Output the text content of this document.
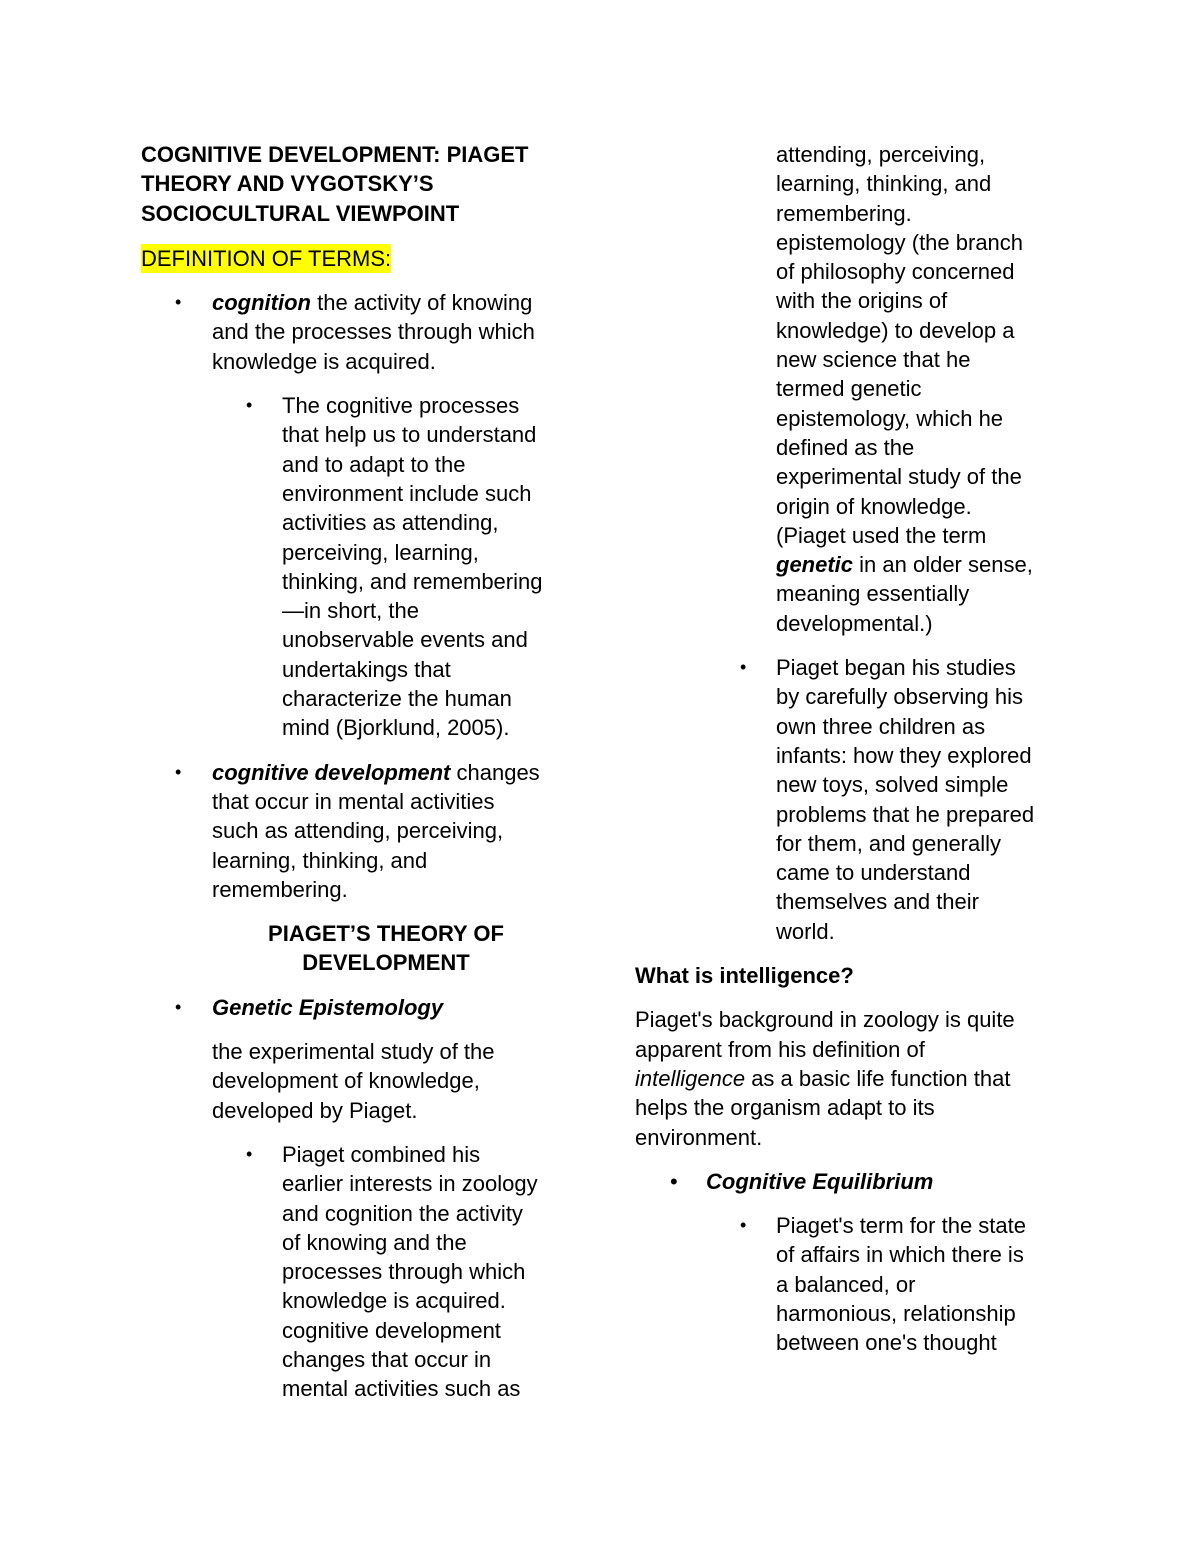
COGNITIVE DEVELOPMENT: PIAGET
THEORY AND VYGOTSKY’S
SOCIOCULTURAL VIEWPOINT
DEFINITION OF TERMS:
• cognition the activity of knowing
and the processes through which
knowledge is acquired.
• The cognitive processes
that help us to understand
and to adapt to the
environment include such
activities as attending,
perceiving, learning,
thinking, and remembering
—in short, the
unobservable events and
undertakings that
characterize the human
mind (Bjorklund, 2005).
• cognitive development changes
that occur in mental activities
such as attending, perceiving,
learning, thinking, and
remembering.
PIAGET’S THEORY OF
DEVELOPMENT
• Genetic Epistemology
the experimental study of the
development of knowledge,
developed by Piaget.
• Piaget combined his
earlier interests in zoology
and cognition the activity
of knowing and the
processes through which
knowledge is acquired.
cognitive development
changes that occur in
mental activities such as
attending, perceiving,
learning, thinking, and
remembering.
epistemology (the branch
of philosophy concerned
with the origins of
knowledge) to develop a
new science that he
termed genetic
epistemology, which he
defined as the
experimental study of the
origin of knowledge.
(Piaget used the term
genetic in an older sense,
meaning essentially
developmental.)
• Piaget began his studies
by carefully observing his
own three children as
infants: how they explored
new toys, solved simple
problems that he prepared
for them, and generally
came to understand
themselves and their
world.
What is intelligence?
Piaget's background in zoology is quite
apparent from his definition of
intelligence as a basic life function that
helps the organism adapt to its
environment.
• Cognitive Equilibrium
• Piaget's term for the state
of affairs in which there is
a balanced, or
harmonious, relationship
between one's thought
